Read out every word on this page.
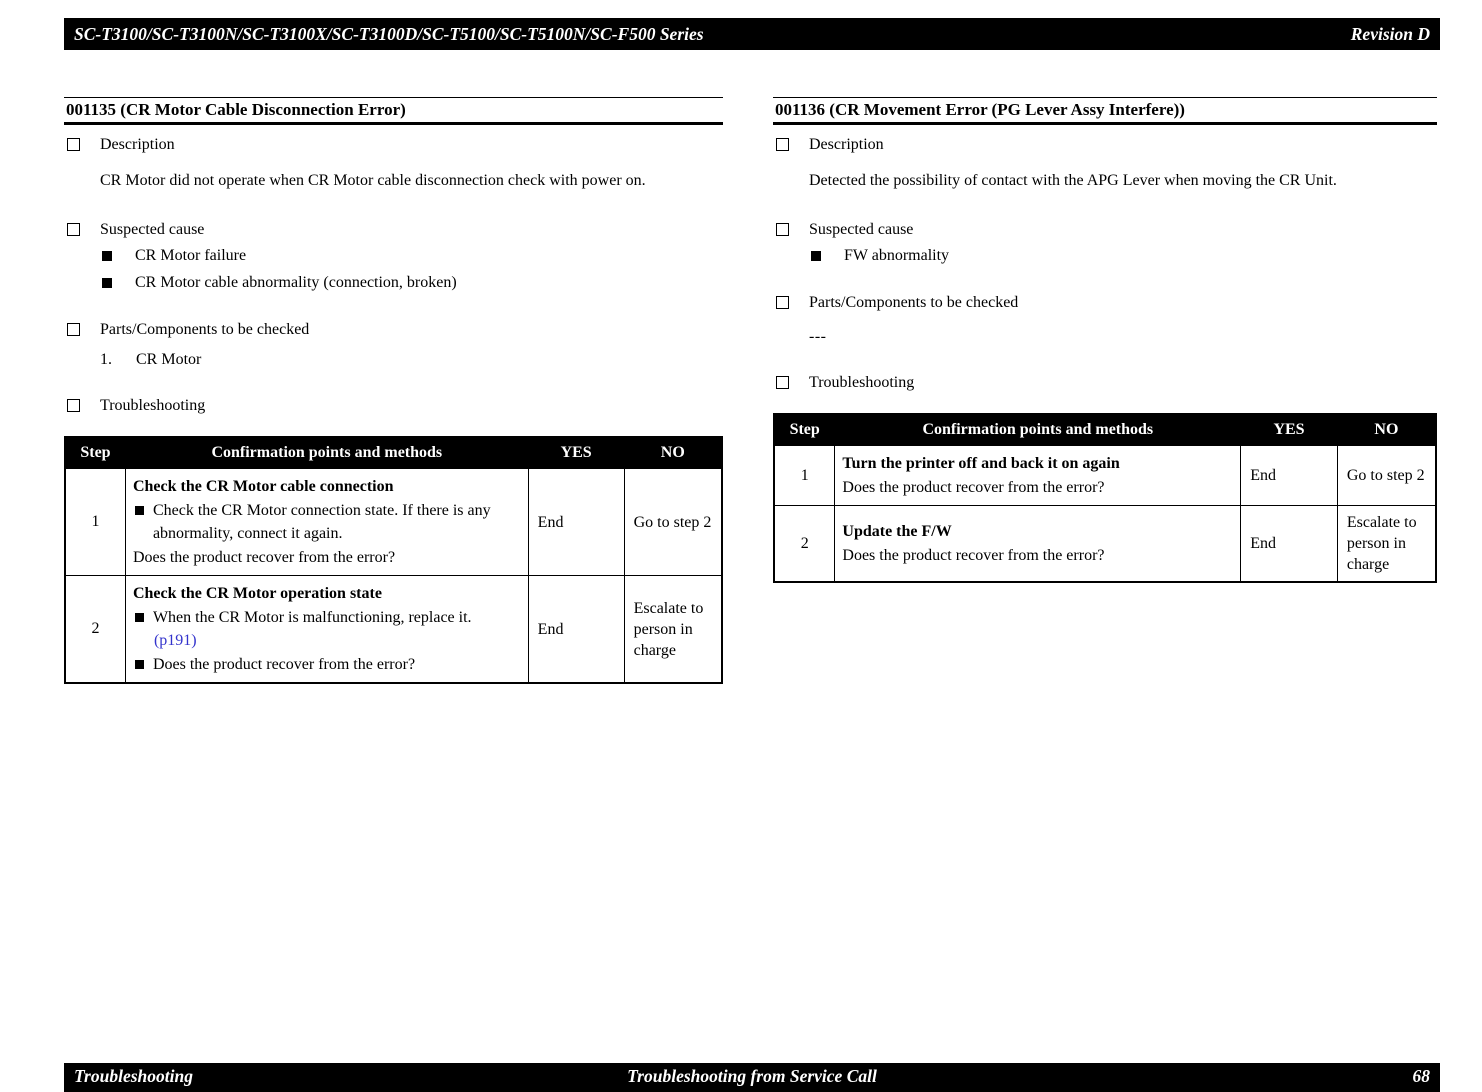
SC-T3100/SC-T3100N/SC-T3100X/SC-T3100D/SC-T5100/SC-T5100N/SC-F500 Series	Revision D
001135 (CR Motor Cable Disconnection Error)
Description
CR Motor did not operate when CR Motor cable disconnection check with power on.
Suspected cause
CR Motor failure
CR Motor cable abnormality (connection, broken)
Parts/Components to be checked
1.	CR Motor
Troubleshooting
Step	Confirmation points and methods	YES	NO
1	Check the CR Motor cable connection
Check the CR Motor connection state. If there is any abnormality, connect it again.
Does the product recover from the error?	End	Go to step 2
2	Check the CR Motor operation state
When the CR Motor is malfunctioning, replace it.
(p191)
Does the product recover from the error?	End	Escalate to person in charge
001136 (CR Movement Error (PG Lever Assy Interfere))
Description
Detected the possibility of contact with the APG Lever when moving the CR Unit.
Suspected cause
FW abnormality
Parts/Components to be checked
---
Troubleshooting
Step	Confirmation points and methods	YES	NO
1	Turn the printer off and back it on again
Does the product recover from the error?	End	Go to step 2
2	Update the F/W
Does the product recover from the error?	End	Escalate to person in charge
Troubleshooting	Troubleshooting from Service Call	68
